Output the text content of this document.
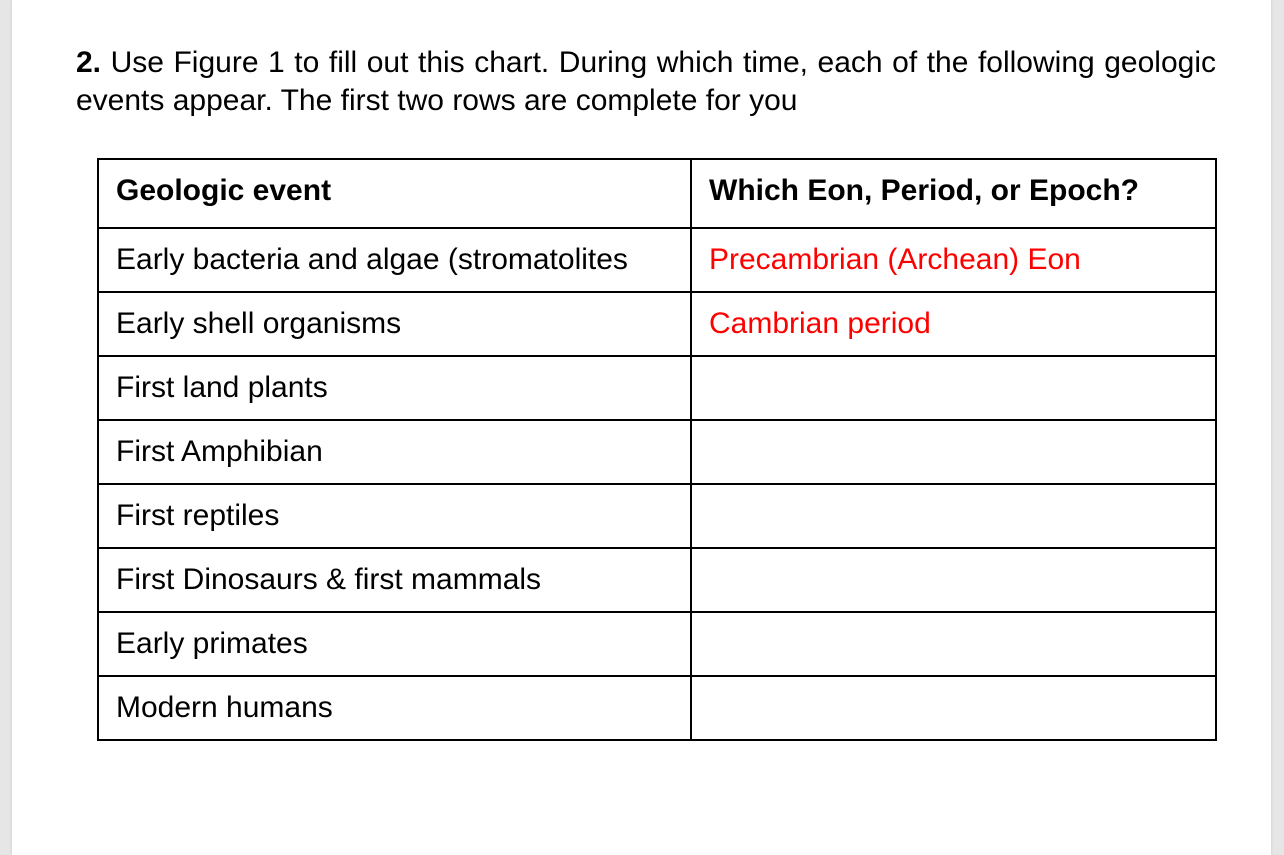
2. Use Figure 1 to fill out this chart. During which time, each of the following geologic events appear. The first two rows are complete for you

Geologic event	Which Eon, Period, or Epoch?
Early bacteria and algae (stromatolites	Precambrian (Archean) Eon
Early shell organisms	Cambrian period
First land plants	
First Amphibian	
First reptiles	
First Dinosaurs & first mammals	
Early primates	
Modern humans	
